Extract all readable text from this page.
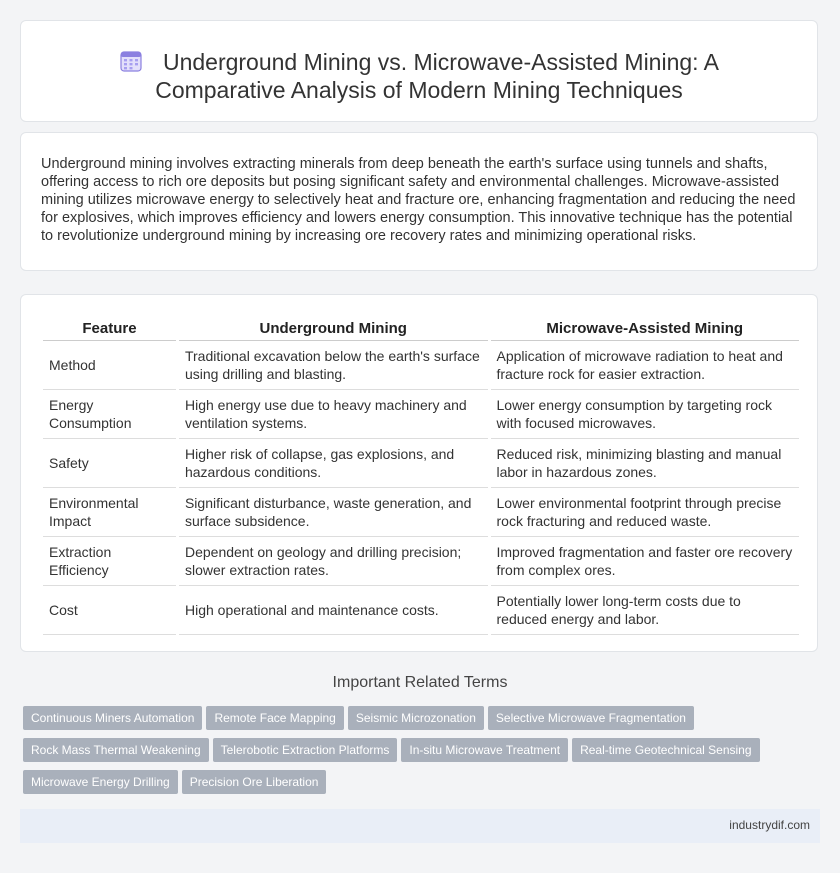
Underground Mining vs. Microwave-Assisted Mining: A Comparative Analysis of Modern Mining Techniques

Underground mining involves extracting minerals from deep beneath the earth's surface using tunnels and shafts, offering access to rich ore deposits but posing significant safety and environmental challenges. Microwave-assisted mining utilizes microwave energy to selectively heat and fracture ore, enhancing fragmentation and reducing the need for explosives, which improves efficiency and lowers energy consumption. This innovative technique has the potential to revolutionize underground mining by increasing ore recovery rates and minimizing operational risks.

Feature	Underground Mining	Microwave-Assisted Mining
Method	Traditional excavation below the earth's surface using drilling and blasting.	Application of microwave radiation to heat and fracture rock for easier extraction.
Energy Consumption	High energy use due to heavy machinery and ventilation systems.	Lower energy consumption by targeting rock with focused microwaves.
Safety	Higher risk of collapse, gas explosions, and hazardous conditions.	Reduced risk, minimizing blasting and manual labor in hazardous zones.
Environmental Impact	Significant disturbance, waste generation, and surface subsidence.	Lower environmental footprint through precise rock fracturing and reduced waste.
Extraction Efficiency	Dependent on geology and drilling precision; slower extraction rates.	Improved fragmentation and faster ore recovery from complex ores.
Cost	High operational and maintenance costs.	Potentially lower long-term costs due to reduced energy and labor.
Important Related Terms
Continuous Miners Automation Remote Face Mapping Seismic Microzonation Selective Microwave Fragmentation
Rock Mass Thermal Weakening Telerobotic Extraction Platforms In-situ Microwave Treatment Real-time Geotechnical Sensing
Microwave Energy Drilling Precision Ore Liberation
industrydif.com
